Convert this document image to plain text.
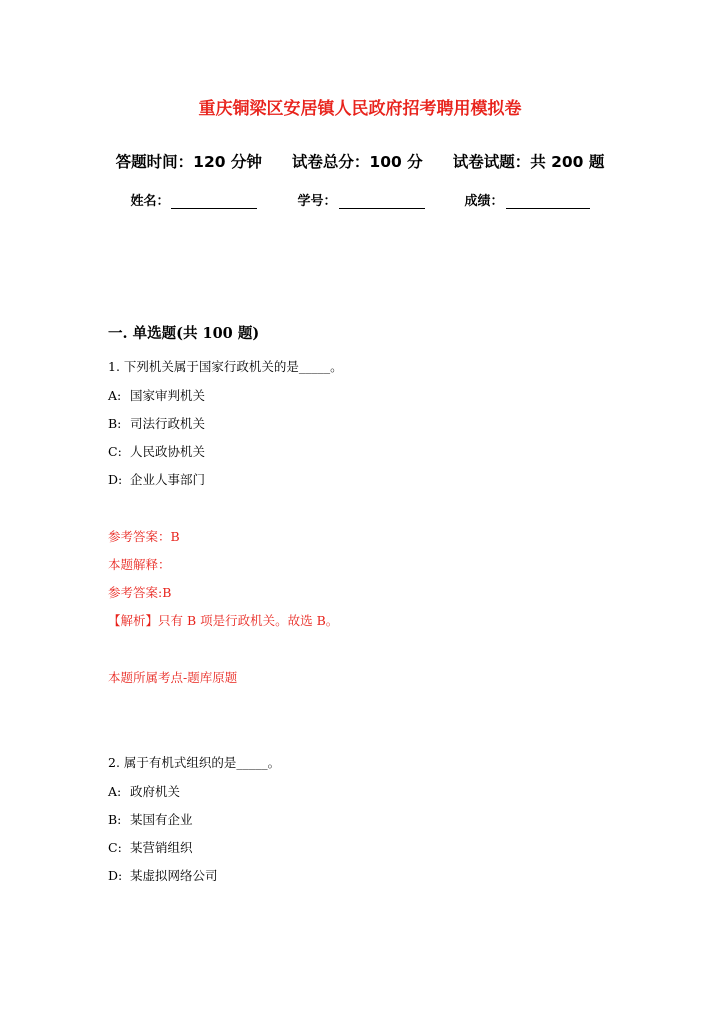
重庆铜梁区安居镇人民政府招考聘用模拟卷
答题时间：120 分钟 试卷总分：100 分 试卷试题：共 200 题
姓名：	学号：	成绩：
一. 单选题(共 100 题)
1. 下列机关属于国家行政机关的是_____。
A: 国家审判机关
B: 司法行政机关
C: 人民政协机关
D: 企业人事部门
参考答案：B
本题解释：
参考答案:B
【解析】只有 B 项是行政机关。故选 B。
本题所属考点-题库原题
2. 属于有机式组织的是_____。
A: 政府机关
B: 某国有企业
C: 某营销组织
D: 某虚拟网络公司
